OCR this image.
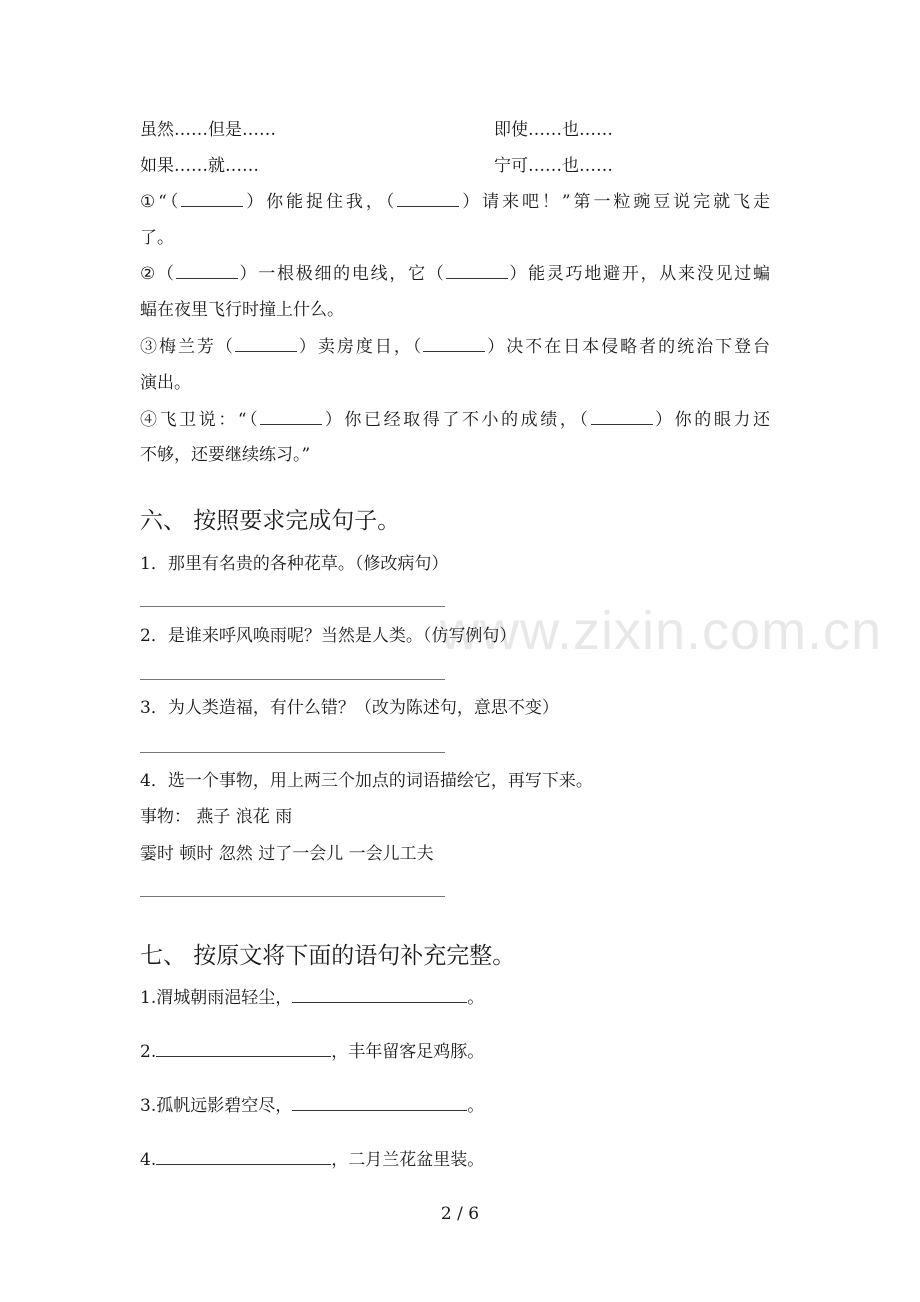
www.zixin.com.cn
虽然……但是……	即使……也……
如果……就……	宁可……也……
①“（	）你能捉住我，（	）请来吧！”第一粒豌豆说完就飞走
了。
②（	）一根极细的电线，它（	）能灵巧地避开，从来没见过蝙
蝠在夜里飞行时撞上什么。
③梅兰芳（	）卖房度日，（	）决不在日本侵略者的统治下登台
演出。
④飞卫说：“（	）你已经取得了不小的成绩，（	）你的眼力还
不够，还要继续练习。”
六、 按照要求完成句子。
1．那里有名贵的各种花草。（修改病句）
2．是谁来呼风唤雨呢？当然是人类。（仿写例句）
3．为人类造福，有什么错？（改为陈述句，意思不变）
4．选一个事物，用上两三个加点的词语描绘它，再写下来。
事物： 燕子 浪花 雨
霎时 顿时 忽然 过了一会儿 一会儿工夫
七、 按原文将下面的语句补充完整。
1.渭城朝雨浥轻尘，	。
2.	，丰年留客足鸡豚。
3.孤帆远影碧空尽，	。
4.	，二月兰花盆里装。
2 / 6
